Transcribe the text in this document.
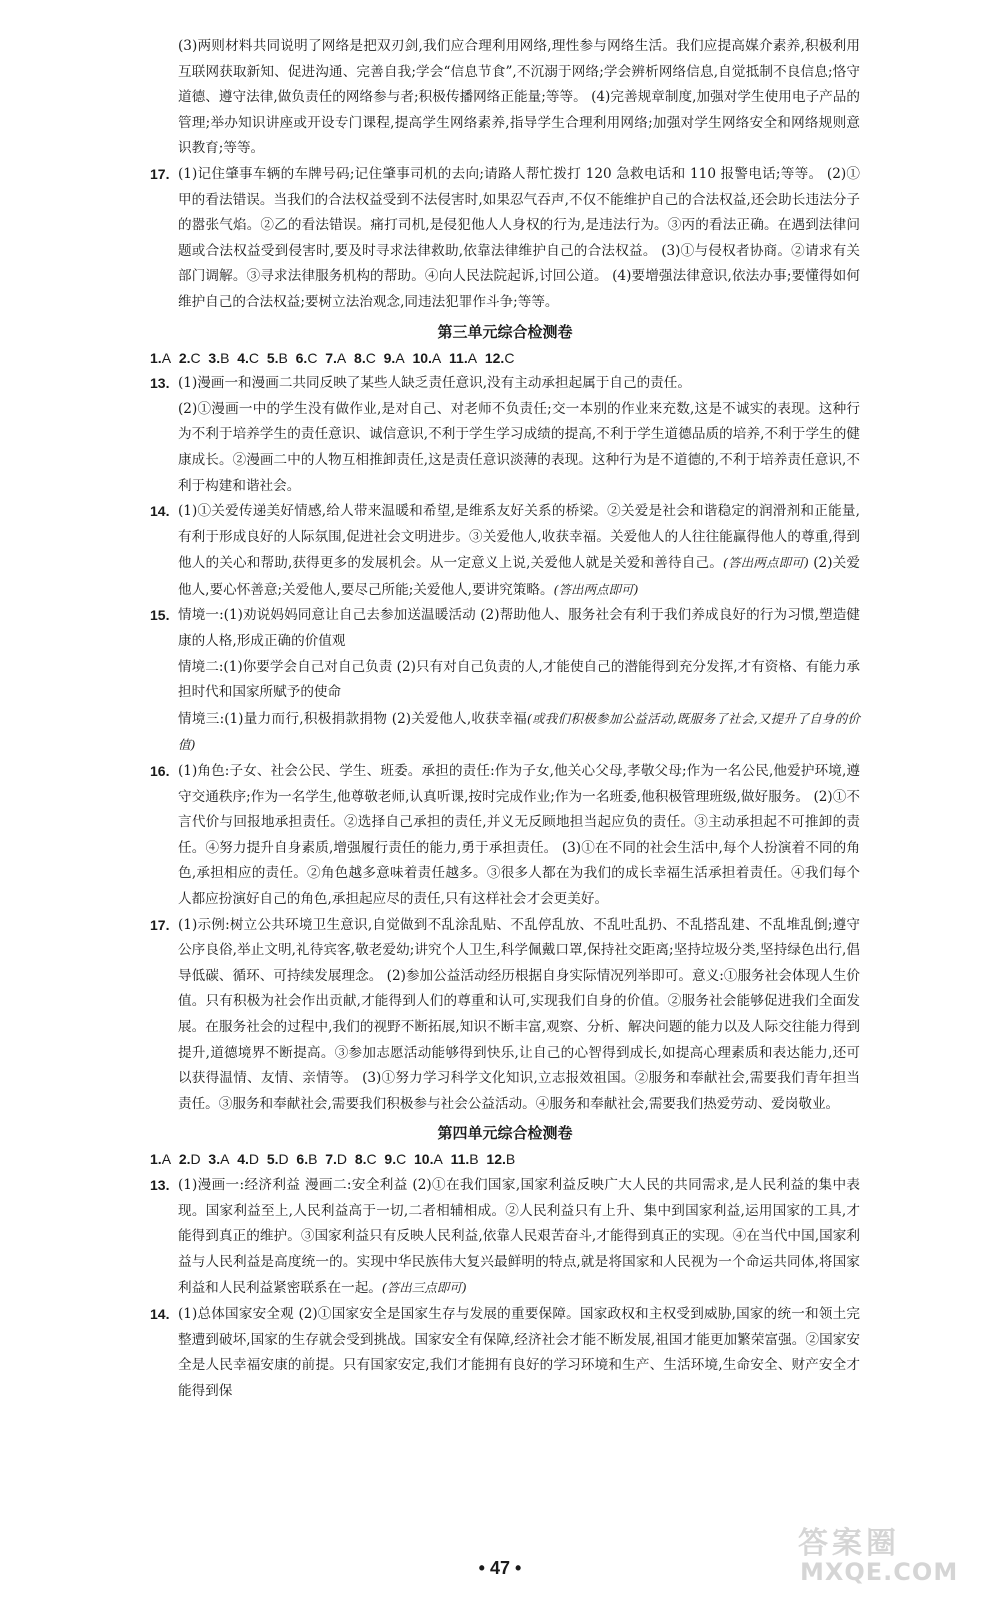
(3)两则材料共同说明了网络是把双刃剑,我们应合理利用网络,理性参与网络生活。我们应提高媒介素养,积极利用互联网获取新知、促进沟通、完善自我;学会“信息节食”,不沉溺于网络;学会辨析网络信息,自觉抵制不良信息;恪守道德、遵守法律,做负责任的网络参与者;积极传播网络正能量;等等。 (4)完善规章制度,加强对学生使用电子产品的管理;举办知识讲座或开设专门课程,提高学生网络素养,指导学生合理利用网络;加强对学生网络安全和网络规则意识教育;等等。

17. (1)记住肇事车辆的车牌号码;记住肇事司机的去向;请路人帮忙拨打 120 急救电话和 110 报警电话;等等。 (2)①甲的看法错误。当我们的合法权益受到不法侵害时,如果忍气吞声,不仅不能维护自己的合法权益,还会助长违法分子的嚣张气焰。②乙的看法错误。痛打司机,是侵犯他人人身权的行为,是违法行为。③丙的看法正确。在遇到法律问题或合法权益受到侵害时,要及时寻求法律救助,依靠法律维护自己的合法权益。 (3)①与侵权者协商。②请求有关部门调解。③寻求法律服务机构的帮助。④向人民法院起诉,讨回公道。 (4)要增强法律意识,依法办事;要懂得如何维护自己的合法权益;要树立法治观念,同违法犯罪作斗争;等等。

第三单元综合检测卷
1.A 2.C 3.B 4.C 5.B 6.C 7.A 8.C 9.A 10.A 11.A 12.C
13. (1)漫画一和漫画二共同反映了某些人缺乏责任意识,没有主动承担起属于自己的责任。

(2)①漫画一中的学生没有做作业,是对自己、对老师不负责任;交一本别的作业来充数,这是不诚实的表现。这种行为不利于培养学生的责任意识、诚信意识,不利于学生学习成绩的提高,不利于学生道德品质的培养,不利于学生的健康成长。②漫画二中的人物互相推卸责任,这是责任意识淡薄的表现。这种行为是不道德的,不利于培养责任意识,不利于构建和谐社会。

14. (1)①关爱传递美好情感,给人带来温暖和希望,是维系友好关系的桥梁。②关爱是社会和谐稳定的润滑剂和正能量,有利于形成良好的人际氛围,促进社会文明进步。③关爱他人,收获幸福。关爱他人的人往往能赢得他人的尊重,得到他人的关心和帮助,获得更多的发展机会。从一定意义上说,关爱他人就是关爱和善待自己。(答出两点即可) (2)关爱他人,要心怀善意;关爱他人,要尽己所能;关爱他人,要讲究策略。(答出两点即可)

15. 情境一:(1)劝说妈妈同意让自己去参加送温暖活动 (2)帮助他人、服务社会有利于我们养成良好的行为习惯,塑造健康的人格,形成正确的价值观

情境二:(1)你要学会自己对自己负责 (2)只有对自己负责的人,才能使自己的潜能得到充分发挥,才有资格、有能力承担时代和国家所赋予的使命

情境三:(1)量力而行,积极捐款捐物 (2)关爱他人,收获幸福(或我们积极参加公益活动,既服务了社会,又提升了自身的价值)

16. (1)角色:子女、社会公民、学生、班委。承担的责任:作为子女,他关心父母,孝敬父母;作为一名公民,他爱护环境,遵守交通秩序;作为一名学生,他尊敬老师,认真听课,按时完成作业;作为一名班委,他积极管理班级,做好服务。 (2)①不言代价与回报地承担责任。②选择自己承担的责任,并义无反顾地担当起应负的责任。③主动承担起不可推卸的责任。④努力提升自身素质,增强履行责任的能力,勇于承担责任。 (3)①在不同的社会生活中,每个人扮演着不同的角色,承担相应的责任。②角色越多意味着责任越多。③很多人都在为我们的成长幸福生活承担着责任。④我们每个人都应扮演好自己的角色,承担起应尽的责任,只有这样社会才会更美好。

17. (1)示例:树立公共环境卫生意识,自觉做到不乱涂乱贴、不乱停乱放、不乱吐乱扔、不乱搭乱建、不乱堆乱倒;遵守公序良俗,举止文明,礼待宾客,敬老爱幼;讲究个人卫生,科学佩戴口罩,保持社交距离;坚持垃圾分类,坚持绿色出行,倡导低碳、循环、可持续发展理念。 (2)参加公益活动经历根据自身实际情况列举即可。意义:①服务社会体现人生价值。只有积极为社会作出贡献,才能得到人们的尊重和认可,实现我们自身的价值。②服务社会能够促进我们全面发展。在服务社会的过程中,我们的视野不断拓展,知识不断丰富,观察、分析、解决问题的能力以及人际交往能力得到提升,道德境界不断提高。③参加志愿活动能够得到快乐,让自己的心智得到成长,如提高心理素质和表达能力,还可以获得温情、友情、亲情等。 (3)①努力学习科学文化知识,立志报效祖国。②服务和奉献社会,需要我们青年担当责任。③服务和奉献社会,需要我们积极参与社会公益活动。④服务和奉献社会,需要我们热爱劳动、爱岗敬业。

第四单元综合检测卷
1.A 2.D 3.A 4.D 5.D 6.B 7.D 8.C 9.C 10.A 11.B 12.B
13. (1)漫画一:经济利益 漫画二:安全利益 (2)①在我们国家,国家利益反映广大人民的共同需求,是人民利益的集中表现。国家利益至上,人民利益高于一切,二者相辅相成。②人民利益只有上升、集中到国家利益,运用国家的工具,才能得到真正的维护。③国家利益只有反映人民利益,依靠人民艰苦奋斗,才能得到真正的实现。④在当代中国,国家利益与人民利益是高度统一的。实现中华民族伟大复兴最鲜明的特点,就是将国家和人民视为一个命运共同体,将国家利益和人民利益紧密联系在一起。(答出三点即可)

14. (1)总体国家安全观 (2)①国家安全是国家生存与发展的重要保障。国家政权和主权受到威胁,国家的统一和领土完整遭到破坏,国家的生存就会受到挑战。国家安全有保障,经济社会才能不断发展,祖国才能更加繁荣富强。②国家安全是人民幸福安康的前提。只有国家安定,我们才能拥有良好的学习环境和生产、生活环境,生命安全、财产安全才能得到保

• 47 •
答案圈
MXQE.COM
